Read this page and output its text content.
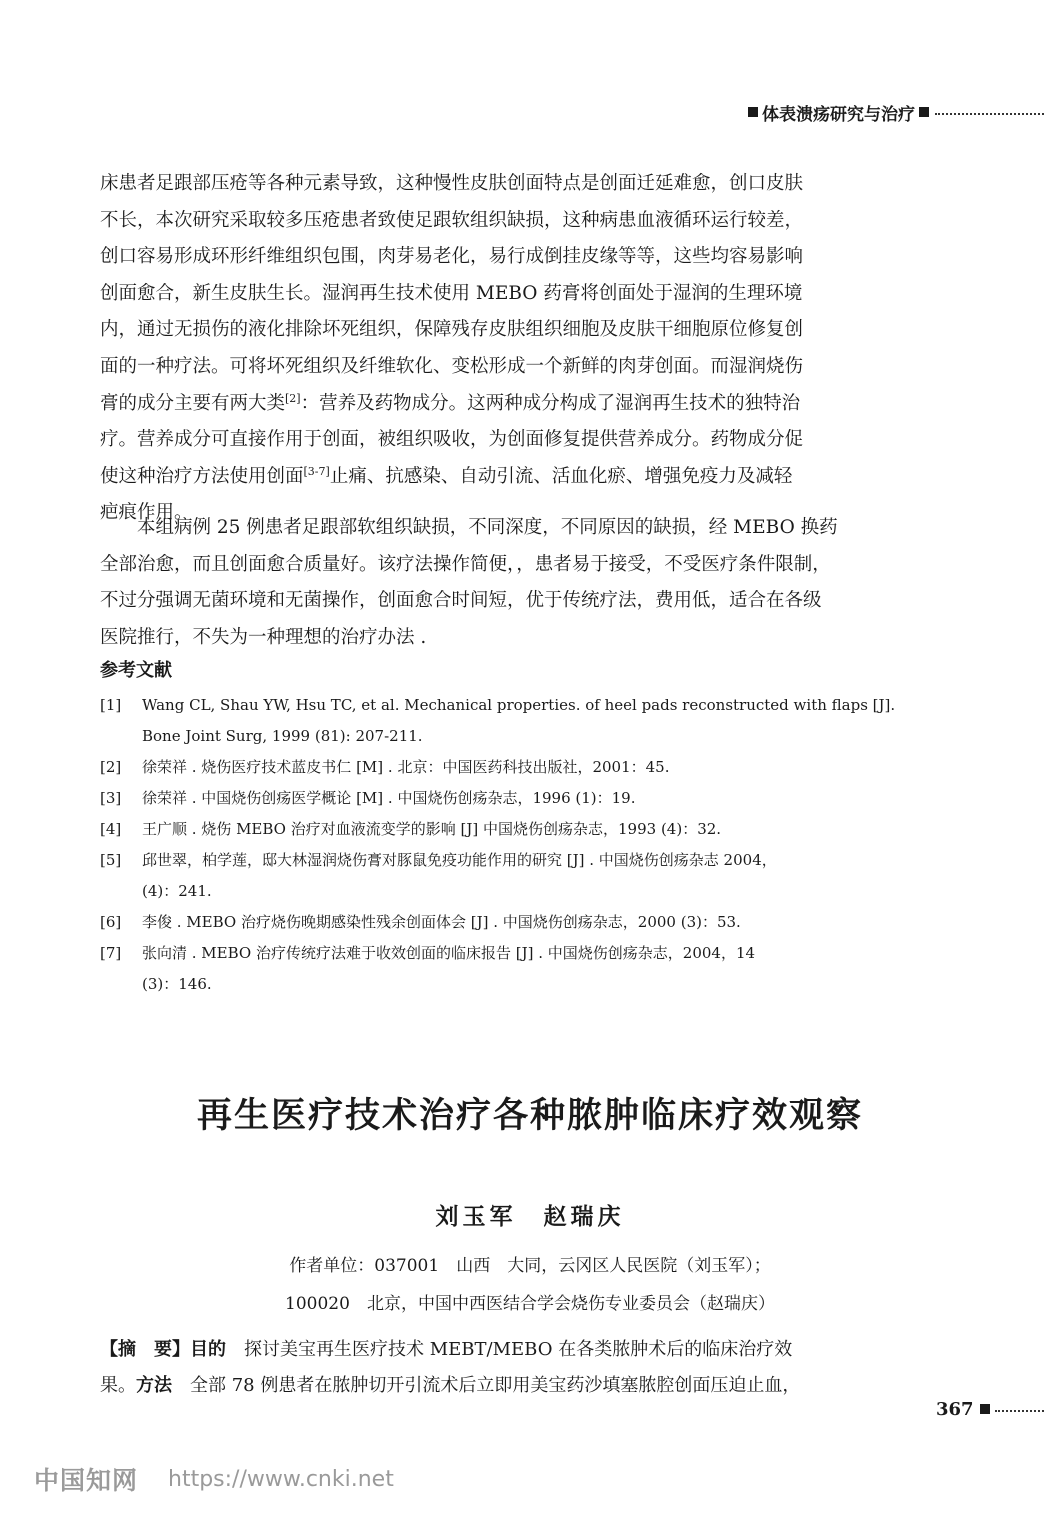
体表溃疡研究与治疗

床患者足跟部压疮等各种元素导致，这种慢性皮肤创面特点是创面迁延难愈，创口皮肤

不长，本次研究采取较多压疮患者致使足跟软组织缺损，这种病患血液循环运行较差，

创口容易形成环形纤维组织包围，肉芽易老化，易行成倒挂皮缘等等，这些均容易影响

创面愈合，新生皮肤生长。湿润再生技术使用 MEBO 药膏将创面处于湿润的生理环境

内，通过无损伤的液化排除坏死组织，保障残存皮肤组织细胞及皮肤干细胞原位修复创

面的一种疗法。可将坏死组织及纤维软化、变松形成一个新鲜的肉芽创面。而湿润烧伤

膏的成分主要有两大类[2]：营养及药物成分。这两种成分构成了湿润再生技术的独特治

疗。营养成分可直接作用于创面，被组织吸收，为创面修复提供营养成分。药物成分促

使这种治疗方法使用创面[3-7]止痛、抗感染、自动引流、活血化瘀、增强免疫力及减轻

疤痕作用。

本组病例 25 例患者足跟部软组织缺损，不同深度，不同原因的缺损，经 MEBO 换药

全部治愈，而且创面愈合质量好。该疗法操作简便，，患者易于接受，不受医疗条件限制，

不过分强调无菌环境和无菌操作，创面愈合时间短，优于传统疗法，费用低，适合在各级

医院推行，不失为一种理想的治疗办法 .

参考文献
[1]	Wang CL, Shau YW, Hsu TC, et al. Mechanical properties. of heel pads reconstructed with flaps [J].
Bone Joint Surg, 1999 (81): 207-211.
[2]	徐荣祥 . 烧伤医疗技术蓝皮书仁 [M] . 北京：中国医药科技出版社，2001：45.
[3]	徐荣祥 . 中国烧伤创疡医学概论 [M] . 中国烧伤创疡杂志，1996 (1)：19.
[4]	王广顺 . 烧伤 MEBO 治疗对血液流变学的影响 [J] 中国烧伤创疡杂志，1993 (4)：32.
[5]	邱世翠，柏学莲，邸大林湿润烧伤膏对豚鼠免疫功能作用的研究 [J] . 中国烧伤创疡杂志 2004，
(4)：241.
[6]	李俊 . MEBO 治疗烧伤晚期感染性残余创面体会 [J] . 中国烧伤创疡杂志，2000 (3)：53.
[7]	张向清 . MEBO 治疗传统疗法难于收效创面的临床报告 [J] . 中国烧伤创疡杂志，2004，14
(3)：146.
再生医疗技术治疗各种脓肿临床疗效观察
刘玉军　赵瑞庆
作者单位：037001　山西　大同，云冈区人民医院（刘玉军）；
100020　北京，中国中西医结合学会烧伤专业委员会（赵瑞庆）
【摘　要】目的　探讨美宝再生医疗技术 MEBT/MEBO 在各类脓肿术后的临床治疗效
果。方法　全部 78 例患者在脓肿切开引流术后立即用美宝药沙填塞脓腔创面压迫止血，
367
中国知网 https://www.cnki.net
